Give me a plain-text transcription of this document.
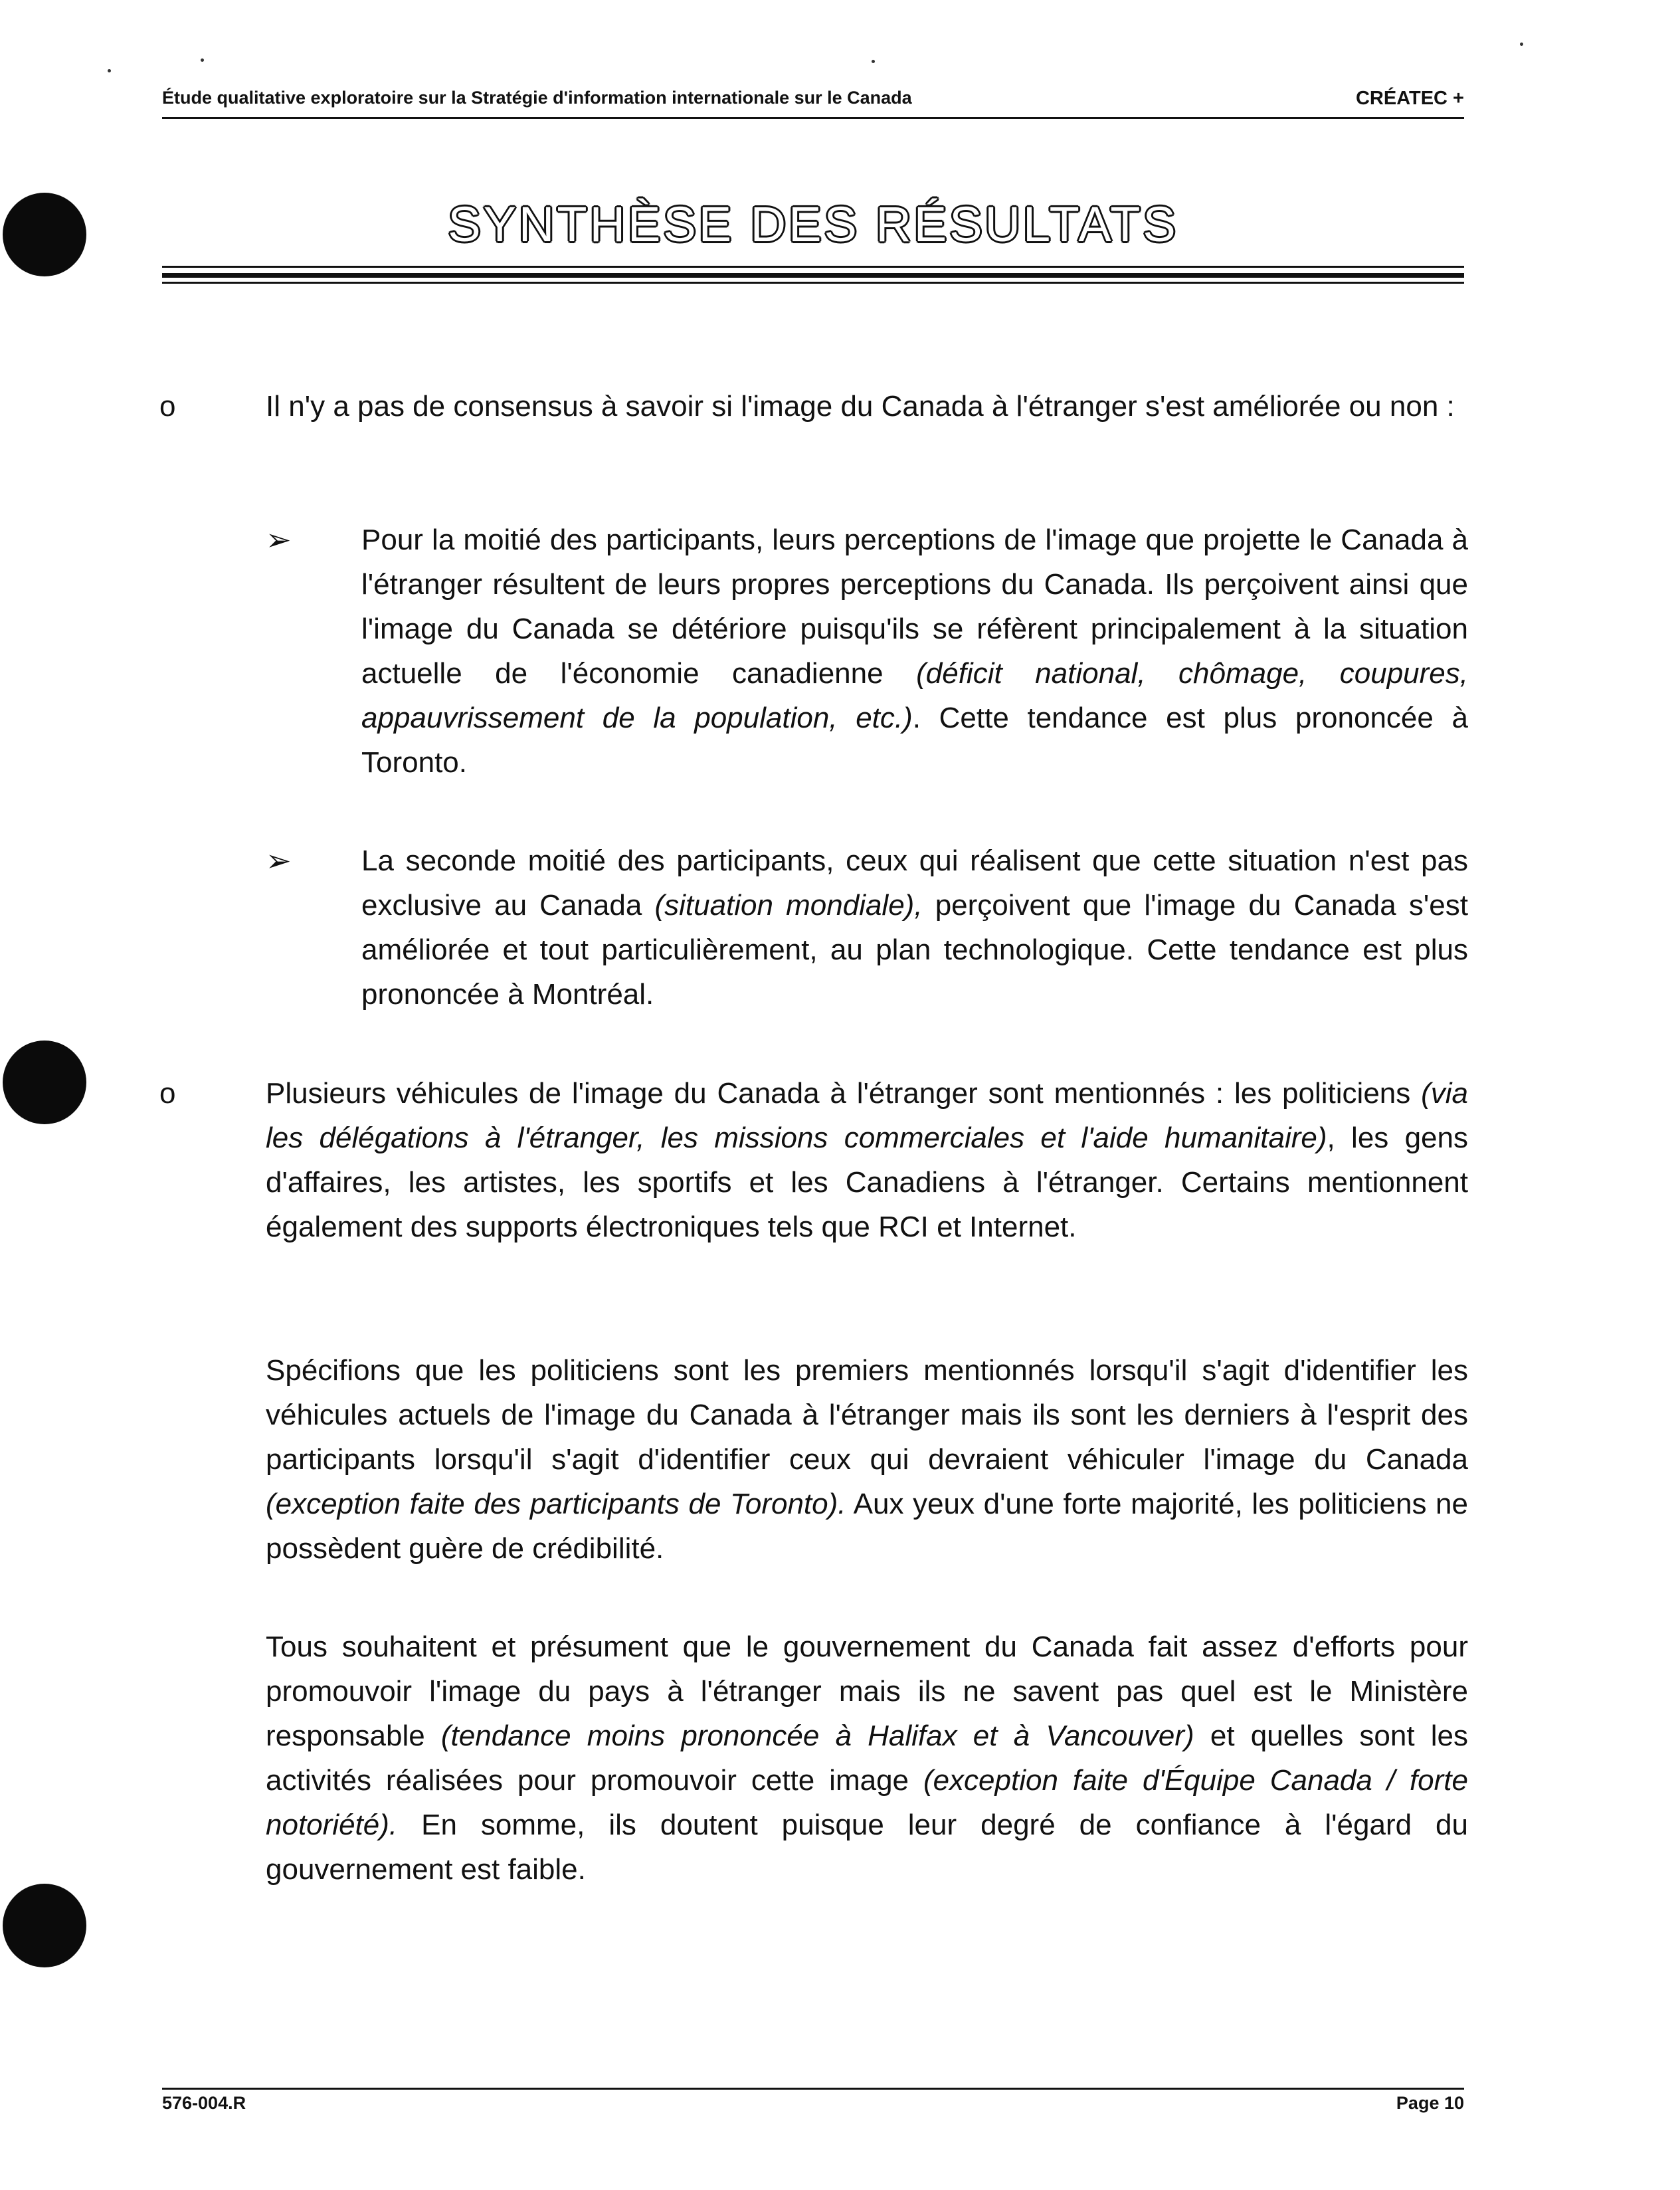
Étude qualitative exploratoire sur la Stratégie d'information internationale sur le Canada	CRÉATEC +
SYNTHÈSE DES RÉSULTATS
o	Il n'y a pas de consensus à savoir si l'image du Canada à l'étranger s'est améliorée ou non :
➢ Pour la moitié des participants, leurs perceptions de l'image que projette le Canada à l'étranger résultent de leurs propres perceptions du Canada. Ils perçoivent ainsi que l'image du Canada se détériore puisqu'ils se réfèrent principalement à la situation actuelle de l'économie canadienne (déficit national, chômage, coupures, appauvrissement de la population, etc.). Cette tendance est plus prononcée à Toronto.
➢ La seconde moitié des participants, ceux qui réalisent que cette situation n'est pas exclusive au Canada (situation mondiale), perçoivent que l'image du Canada s'est améliorée et tout particulièrement, au plan technologique. Cette tendance est plus prononcée à Montréal.
o	Plusieurs véhicules de l'image du Canada à l'étranger sont mentionnés : les politiciens (via les délégations à l'étranger, les missions commerciales et l'aide humanitaire), les gens d'affaires, les artistes, les sportifs et les Canadiens à l'étranger. Certains mentionnent également des supports électroniques tels que RCI et Internet.
Spécifions que les politiciens sont les premiers mentionnés lorsqu'il s'agit d'identifier les véhicules actuels de l'image du Canada à l'étranger mais ils sont les derniers à l'esprit des participants lorsqu'il s'agit d'identifier ceux qui devraient véhiculer l'image du Canada (exception faite des participants de Toronto). Aux yeux d'une forte majorité, les politiciens ne possèdent guère de crédibilité.
Tous souhaitent et présument que le gouvernement du Canada fait assez d'efforts pour promouvoir l'image du pays à l'étranger mais ils ne savent pas quel est le Ministère responsable (tendance moins prononcée à Halifax et à Vancouver) et quelles sont les activités réalisées pour promouvoir cette image (exception faite d'Équipe Canada / forte notoriété). En somme, ils doutent puisque leur degré de confiance à l'égard du gouvernement est faible.
576-004.R	Page 10
